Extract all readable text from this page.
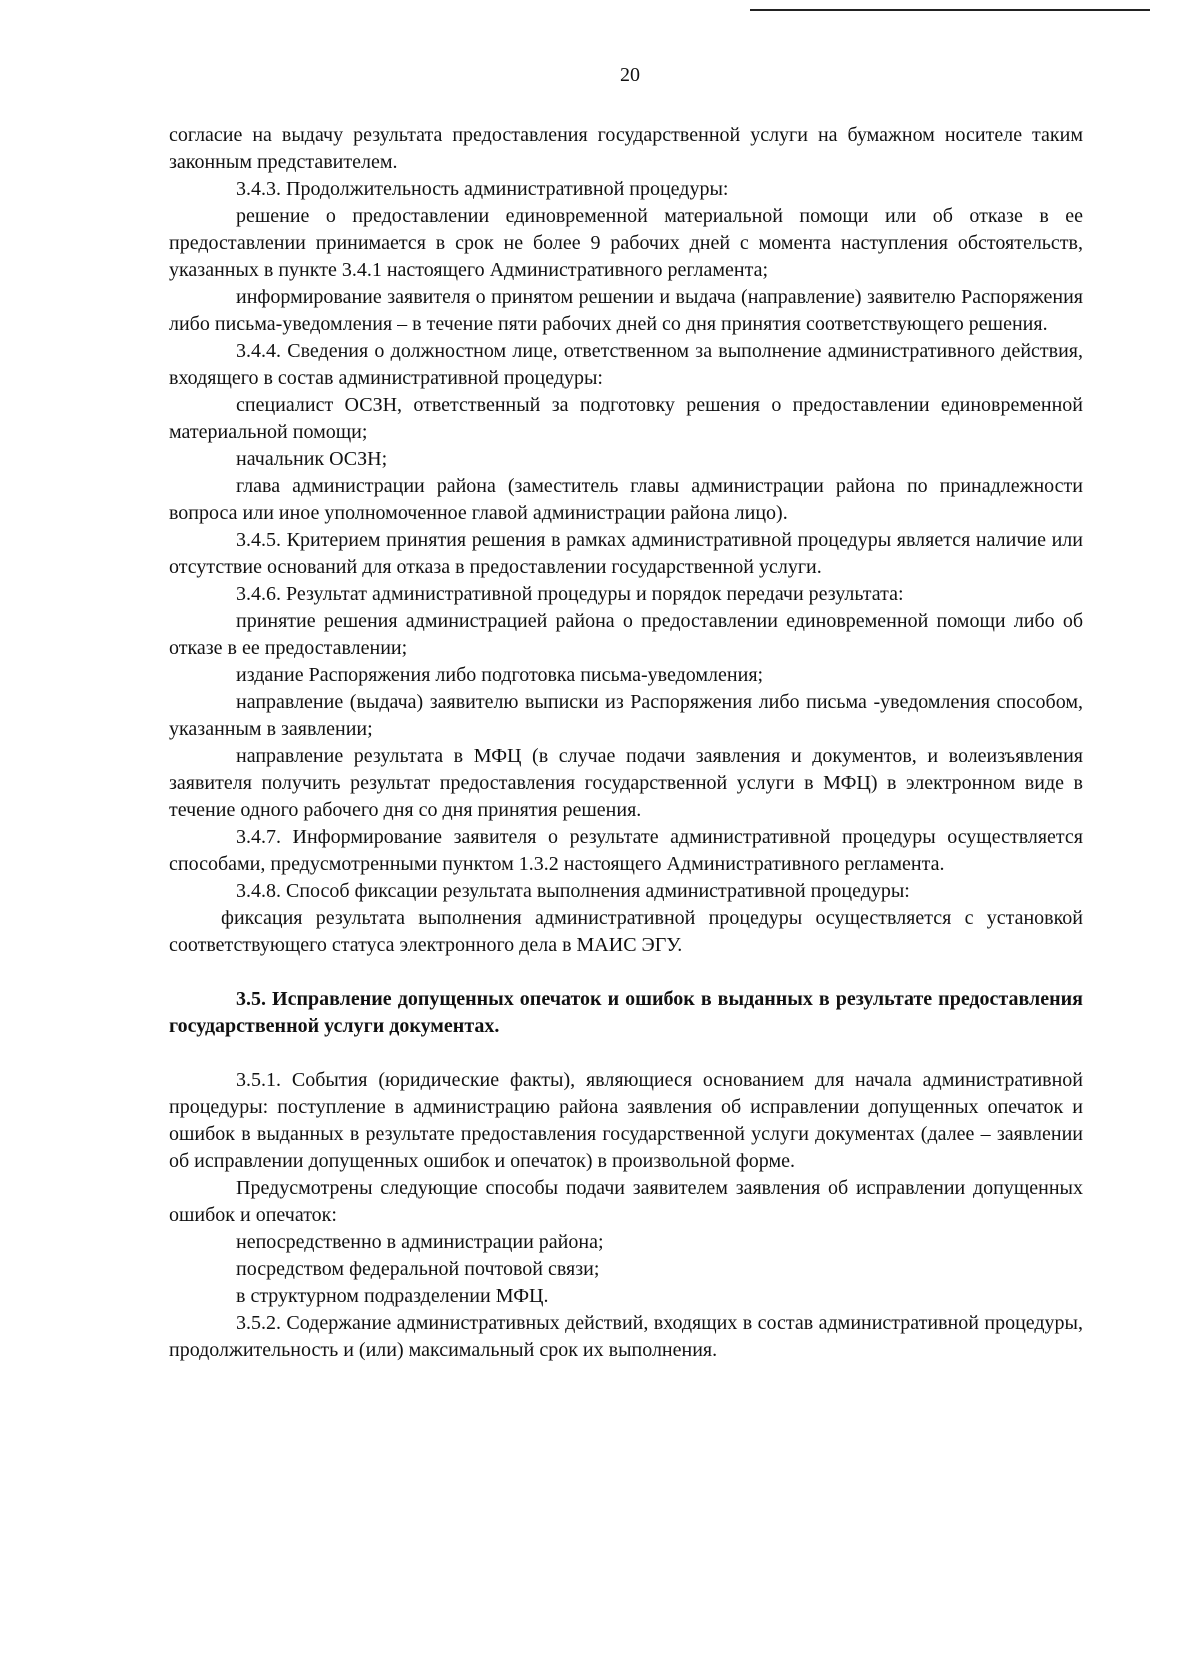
20

согласие на выдачу результата предоставления государственной услуги на бумажном носителе таким законным представителем.

3.4.3. Продолжительность административной процедуры:

решение о предоставлении единовременной материальной помощи или об отказе в ее предоставлении принимается в срок не более 9 рабочих дней с момента наступления обстоятельств, указанных в пункте 3.4.1 настоящего Административного регламента;

информирование заявителя о принятом решении и выдача (направление) заявителю Распоряжения либо письма-уведомления – в течение пяти рабочих дней со дня принятия соответствующего решения.

3.4.4. Сведения о должностном лице, ответственном за выполнение административного действия, входящего в состав административной процедуры:

специалист ОСЗН, ответственный за подготовку решения о предоставлении единовременной материальной помощи;

начальник ОСЗН;

глава администрации района (заместитель главы администрации района по принадлежности вопроса или иное уполномоченное главой администрации района лицо).

3.4.5. Критерием принятия решения в рамках административной процедуры является наличие или отсутствие оснований для отказа в предоставлении государственной услуги.

3.4.6. Результат административной процедуры и порядок передачи результата:

принятие решения администрацией района о предоставлении единовременной помощи либо об отказе в ее предоставлении;

издание Распоряжения либо подготовка письма-уведомления;

направление (выдача) заявителю выписки из Распоряжения либо письма -уведомления способом, указанным в заявлении;

направление результата в МФЦ (в случае подачи заявления и документов, и волеизъявления заявителя получить результат предоставления государственной услуги в МФЦ) в электронном виде в течение одного рабочего дня со дня принятия решения.

3.4.7. Информирование заявителя о результате административной процедуры осуществляется способами, предусмотренными пунктом 1.3.2 настоящего Административного регламента.

3.4.8. Способ фиксации результата выполнения административной процедуры:

фиксация результата выполнения административной процедуры осуществляется с установкой соответствующего статуса электронного дела в МАИС ЭГУ.

3.5. Исправление допущенных опечаток и ошибок в выданных в результате предоставления государственной услуги документах.

3.5.1. События (юридические факты), являющиеся основанием для начала административной процедуры: поступление в администрацию района заявления об исправлении допущенных опечаток и ошибок в выданных в результате предоставления государственной услуги документах (далее – заявлении об исправлении допущенных ошибок и опечаток) в произвольной форме.

Предусмотрены следующие способы подачи заявителем заявления об исправлении допущенных ошибок и опечаток:

непосредственно в администрации района;

посредством федеральной почтовой связи;

в структурном подразделении МФЦ.

3.5.2. Содержание административных действий, входящих в состав административной процедуры, продолжительность и (или) максимальный срок их выполнения.
